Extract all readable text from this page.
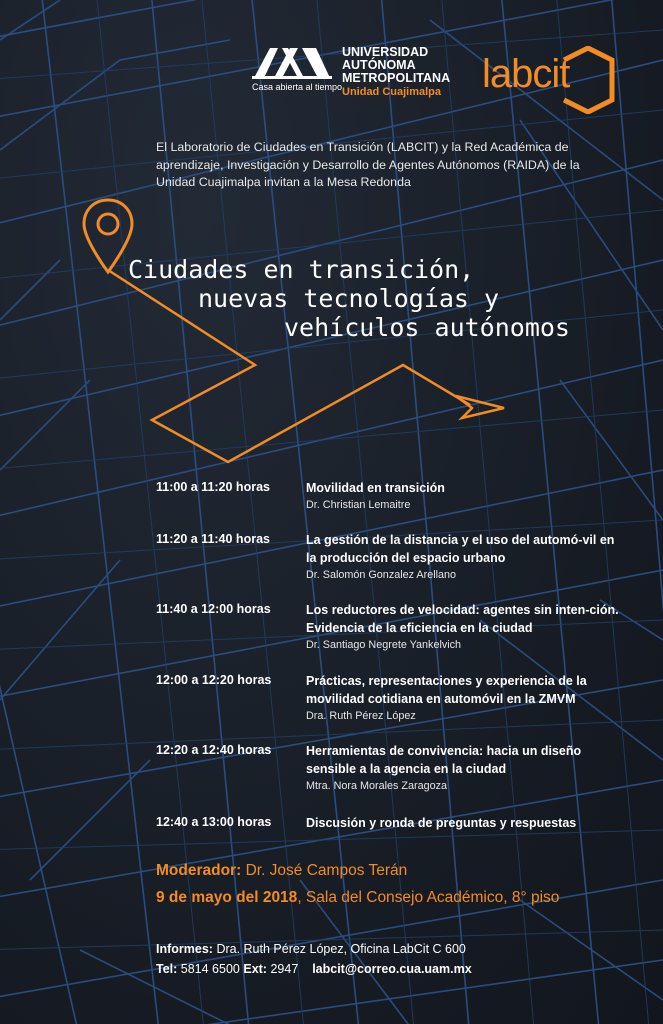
Casa abierta al tiempo
UNIVERSIDAD
AUTÓNOMA
METROPOLITANA
Unidad Cuajimalpa labcit
El Laboratorio de Ciudades en Transición (LABCIT) y la Red Académica de aprendizaje, Investigación y Desarrollo de Agentes Autónomos (RAIDA) de la Unidad Cuajimalpa invitan a la Mesa Redonda
Ciudades en transición,
nuevas tecnologías y
vehículos autónomos
11:00 a 11:20 horas	Movilidad en transición
Dr. Christian Lemaitre
11:20 a 11:40 horas	La gestión de la distancia y el uso del automó-vil en la producción del espacio urbano
Dr. Salomón Gonzalez Arellano
11:40 a 12:00 horas	Los reductores de velocidad: agentes sin inten-ción. Evidencia de la eficiencia en la ciudad
Dr. Santiago Negrete Yankelvich
12:00 a 12:20 horas	Prácticas, representaciones y experiencia de la movilidad cotidiana en automóvil en la ZMVM
Dra. Ruth Pérez López
12:20 a 12:40 horas	Herramientas de convivencia: hacia un diseño sensible a la agencia en la ciudad
Mtra. Nora Morales Zaragoza
12:40 a 13:00 horas	Discusión y ronda de preguntas y respuestas
Moderador: Dr. José Campos Terán
9 de mayo del 2018, Sala del Consejo Académico, 8° piso
Informes: Dra. Ruth Pérez López, Oficina LabCit C 600
Tel: 5814 6500 Ext: 2947 labcit@correo.cua.uam.mx
